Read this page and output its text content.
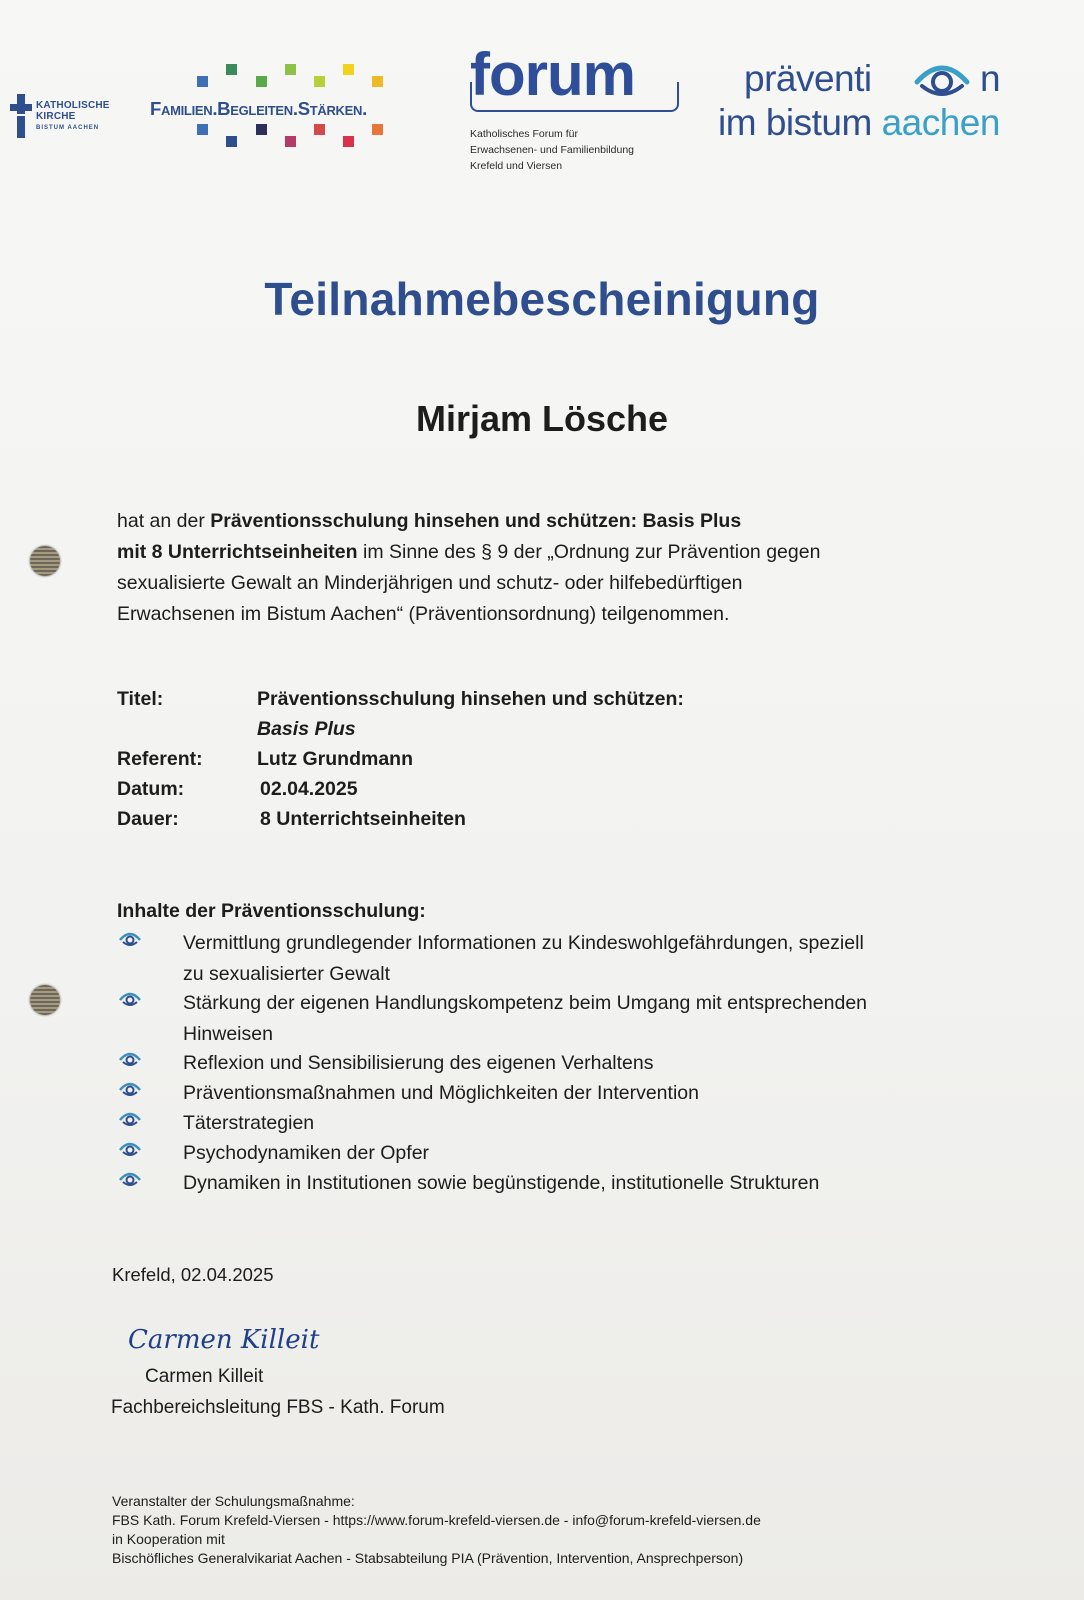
KATHOLISCHE
KIRCHE
BISTUM AACHEN
Familien.Begleiten.Stärken.
forum
Katholisches Forum für
Erwachsenen- und Familienbildung
Krefeld und Viersen
präventi	n
im bistum aachen
Teilnahmebescheinigung
Mirjam Lösche
hat an der Präventionsschulung hinsehen und schützen: Basis Plus
mit 8 Unterrichtseinheiten im Sinne des § 9 der „Ordnung zur Prävention gegen
sexualisierte Gewalt an Minderjährigen und schutz- oder hilfebedürftigen
Erwachsenen im Bistum Aachen“ (Präventionsordnung) teilgenommen.
Titel:	Präventionsschulung hinsehen und schützen:
Basis Plus
Referent:	Lutz Grundmann
Datum:	02.04.2025
Dauer:	8 Unterrichtseinheiten
Inhalte der Präventionsschulung:
Vermittlung grundlegender Informationen zu Kindeswohlgefährdungen, speziell
zu sexualisierter Gewalt
Stärkung der eigenen Handlungskompetenz beim Umgang mit entsprechenden
Hinweisen
Reflexion und Sensibilisierung des eigenen Verhaltens
Präventionsmaßnahmen und Möglichkeiten der Intervention
Täterstrategien
Psychodynamiken der Opfer
Dynamiken in Institutionen sowie begünstigende, institutionelle Strukturen
Krefeld, 02.04.2025
Carmen Killeit
Carmen Killeit
Fachbereichsleitung FBS - Kath. Forum
Veranstalter der Schulungsmaßnahme:
FBS Kath. Forum Krefeld-Viersen - https://www.forum-krefeld-viersen.de - info@forum-krefeld-viersen.de
in Kooperation mit
Bischöfliches Generalvikariat Aachen - Stabsabteilung PIA (Prävention, Intervention, Ansprechperson)
